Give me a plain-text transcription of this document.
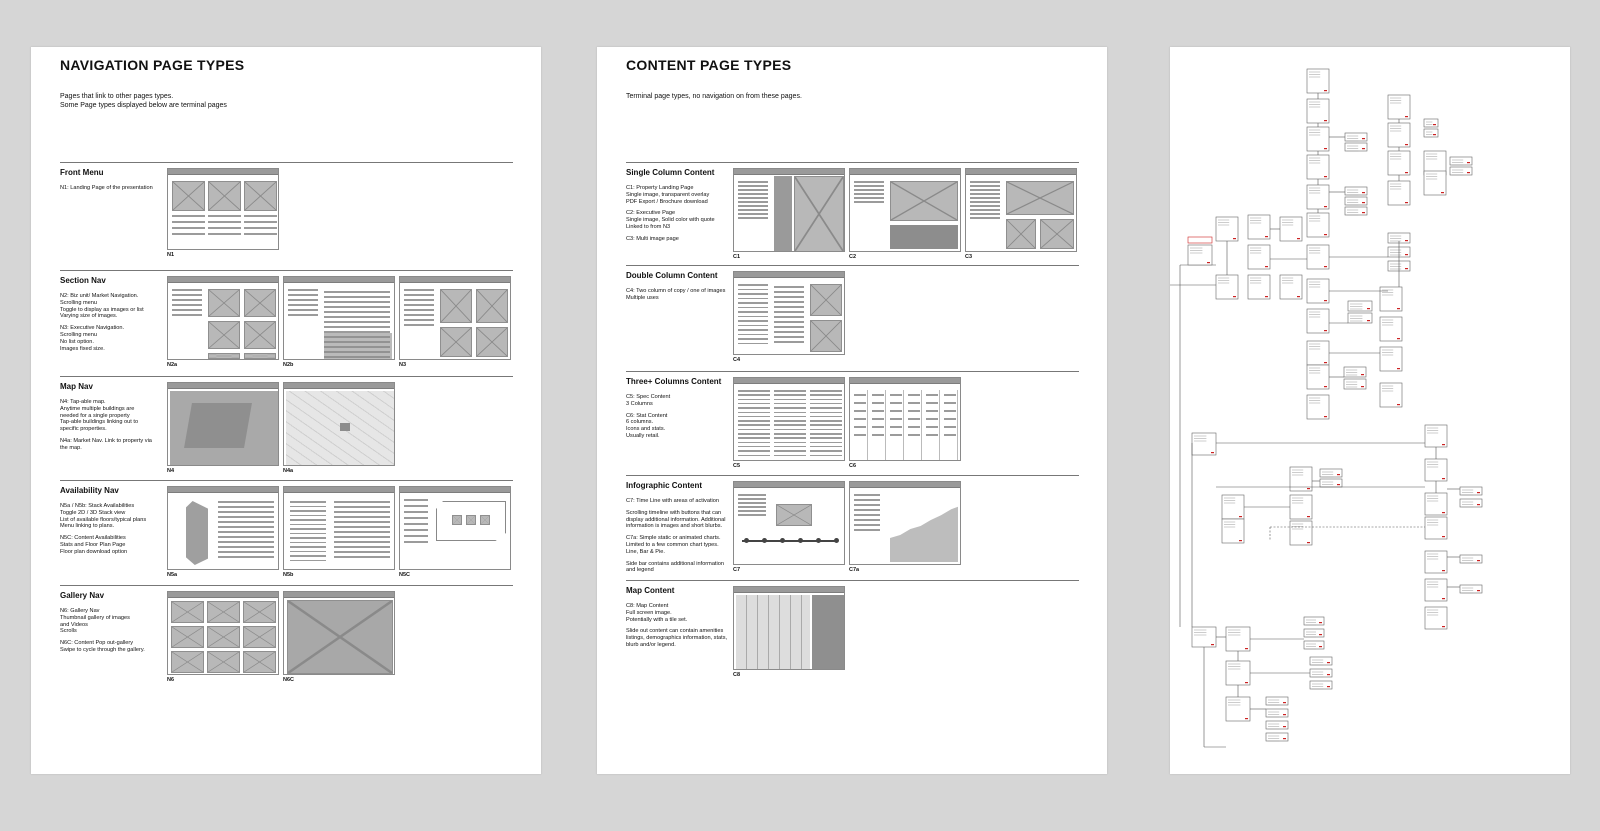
NAVIGATION PAGE TYPES
Pages that link to other pages types.
Some Page types displayed below are terminal pages
Front Menu
N1: Landing Page of the presentation
N1
Section Nav
N2: Biz unit/ Market Navigation.
Scrolling menu
Toggle to display as images or list
Varying size of images.
N3: Executive Navigation.
Scrolling menu
No list option.
Images fixed size.
N2a	N2b	N3
Map Nav
N4: Tap-able map.
Anytime multiple buildings are
needed for a single property
Tap-able buildings linking out to
specific properties.
N4a: Market Nav. Link to property via
the map.
N4	N4a
Availability Nav
N5a / N5b: Stack Availabilities
Toggle 2D / 3D Stack view
List of available floors/typical plans
Menu linking to plans.
N5C: Content Availabilities
Stats and Floor Plan Page
Floor plan download option
N5a	N5b	N5C
Gallery Nav
N6: Gallery Nav
Thumbnail gallery of images
and Videos
Scrolls
N6C: Content Pop out-gallery
Swipe to cycle through the gallery.
N6	N6C
CONTENT PAGE TYPES
Terminal page types, no navigation on from these pages.
Single Column Content
C1: Property Landing Page
Single image, transparent overlay
PDF Export / Brochure download
C2: Executive Page
Single image, Solid color with quote
Linked to from N3
C3: Multi image page
C1	C2	C3
Double Column Content
C4: Two column of copy / one of images
Multiple uses
C4
Three+ Columns Content
C5: Spec Content
3 Columns
C6: Stat Content
6 columns.
Icons and stats.
Usually retail.
C5	C6
Infographic Content
C7: Time Line with areas of activation
Scrolling timeline with buttons that can
display additional information. Additional
information is images and short blurbs.
C7a: Simple static or animated charts.
Limited to a few common chart types.
Line, Bar & Pie.
Side bar contains additional information
and legend	C7	C7a
Map Content
C8: Map Content
Full screen image.
Potentially with a tile set.
Slide out content can contain amenities
listings, demographics information, stats,
blurb and/or legend.
C8
